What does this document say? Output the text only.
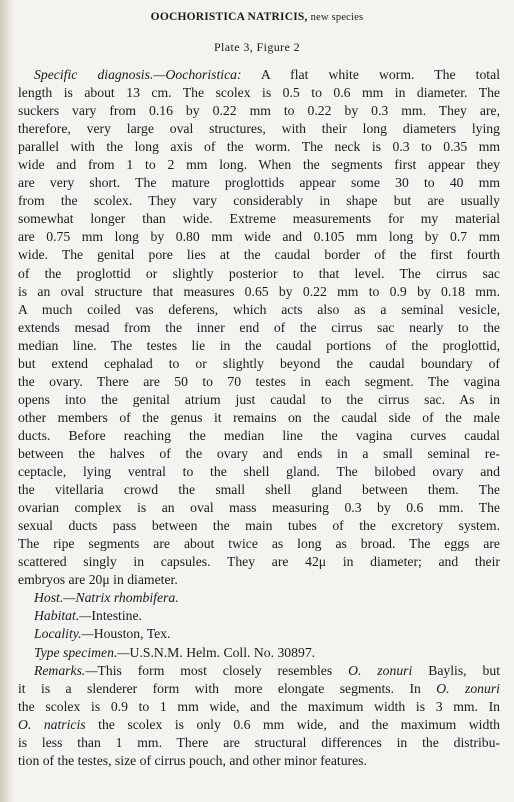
OOCHORISTICA NATRICIS, new species
Plate 3, Figure 2
Specific diagnosis.—Oochoristica: A flat white worm. The total
length is about 13 cm. The scolex is 0.5 to 0.6 mm in diameter. The
suckers vary from 0.16 by 0.22 mm to 0.22 by 0.3 mm. They are,
therefore, very large oval structures, with their long diameters lying
parallel with the long axis of the worm. The neck is 0.3 to 0.35 mm
wide and from 1 to 2 mm long. When the segments first appear they
are very short. The mature proglottids appear some 30 to 40 mm
from the scolex. They vary considerably in shape but are usually
somewhat longer than wide. Extreme measurements for my material
are 0.75 mm long by 0.80 mm wide and 0.105 mm long by 0.7 mm
wide. The genital pore lies at the caudal border of the first fourth
of the proglottid or slightly posterior to that level. The cirrus sac
is an oval structure that measures 0.65 by 0.22 mm to 0.9 by 0.18 mm.
A much coiled vas deferens, which acts also as a seminal vesicle,
extends mesad from the inner end of the cirrus sac nearly to the
median line. The testes lie in the caudal portions of the proglottid,
but extend cephalad to or slightly beyond the caudal boundary of
the ovary. There are 50 to 70 testes in each segment. The vagina
opens into the genital atrium just caudal to the cirrus sac. As in
other members of the genus it remains on the caudal side of the male
ducts. Before reaching the median line the vagina curves caudal
between the halves of the ovary and ends in a small seminal re-
ceptacle, lying ventral to the shell gland. The bilobed ovary and
the vitellaria crowd the small shell gland between them. The
ovarian complex is an oval mass measuring 0.3 by 0.6 mm. The
sexual ducts pass between the main tubes of the excretory system.
The ripe segments are about twice as long as broad. The eggs are
scattered singly in capsules. They are 42μ in diameter; and their
embryos are 20μ in diameter.
Host.—Natrix rhombifera.
Habitat.—Intestine.
Locality.—Houston, Tex.
Type specimen.—U.S.N.M. Helm. Coll. No. 30897.
Remarks.—This form most closely resembles O. zonuri Baylis, but
it is a slenderer form with more elongate segments. In O. zonuri
the scolex is 0.9 to 1 mm wide, and the maximum width is 3 mm. In
O. natricis the scolex is only 0.6 mm wide, and the maximum width
is less than 1 mm. There are structural differences in the distribu-
tion of the testes, size of cirrus pouch, and other minor features.
